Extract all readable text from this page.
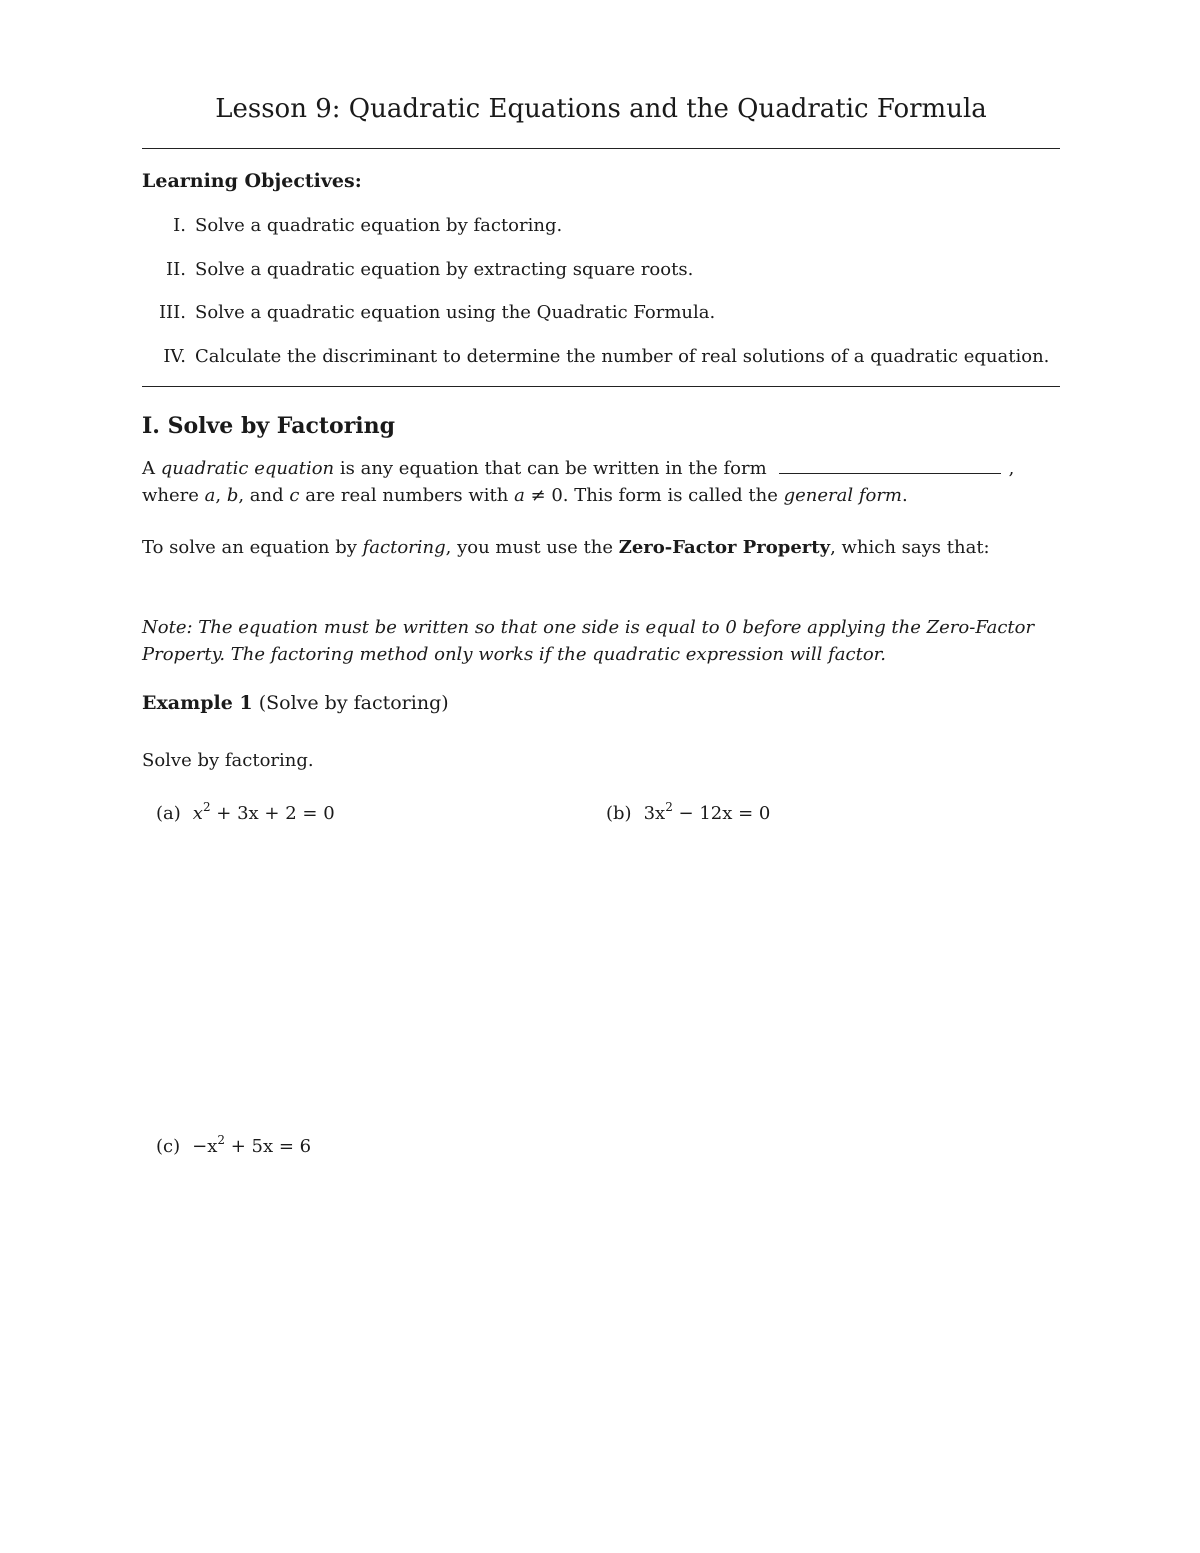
Lesson 9: Quadratic Equations and the Quadratic Formula
Learning Objectives:
I. Solve a quadratic equation by factoring.
II. Solve a quadratic equation by extracting square roots.
III. Solve a quadratic equation using the Quadratic Formula.
IV. Calculate the discriminant to determine the number of real solutions of a quadratic equation.
I. Solve by Factoring
A quadratic equation is any equation that can be written in the form	,
where a, b, and c are real numbers with a ≠ 0. This form is called the general form.
To solve an equation by factoring, you must use the Zero-Factor Property, which says that:
Note: The equation must be written so that one side is equal to 0 before applying the Zero-Factor Property. The factoring method only works if the quadratic expression will factor.
Example 1 (Solve by factoring)
Solve by factoring.
(a) $x^2 + 3x + 2 = 0$	(b) $3x^2 - 12x = 0$
$(c) -x^2 + 5x = 6$
